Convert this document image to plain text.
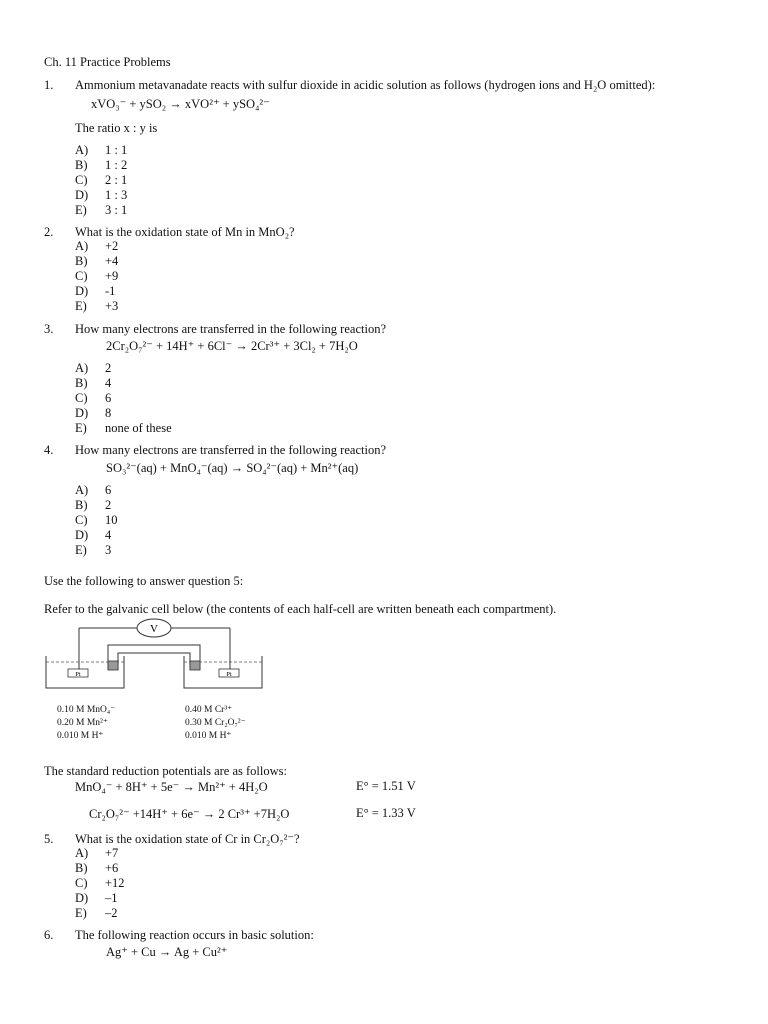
Ch. 11 Practice Problems
1. Ammonium metavanadate reacts with sulfur dioxide in acidic solution as follows (hydrogen ions and H₂O omitted):
xVO₃⁻ + ySO₂ → xVO²⁺ + ySO₄²⁻
The ratio x : y is
A) 1 : 1
B) 1 : 2
C) 2 : 1
D) 1 : 3
E) 3 : 1
2. What is the oxidation state of Mn in MnO₂?
A) +2
B) +4
C) +9
D) -1
E) +3
3. How many electrons are transferred in the following reaction?
2Cr₂O₇²⁻ + 14H⁺ + 6Cl⁻ → 2Cr³⁺ + 3Cl₂ + 7H₂O
A) 2
B) 4
C) 6
D) 8
E) none of these
4. How many electrons are transferred in the following reaction?
SO₃²⁻(aq) + MnO₄⁻(aq) → SO₄²⁻(aq) + Mn²⁺(aq)
A) 6
B) 2
C) 10
D) 4
E) 3
Use the following to answer question 5:
Refer to the galvanic cell below (the contents of each half-cell are written beneath each compartment).
V
Pt	Pt
0.10 M MnO₄⁻
0.20 M Mn²⁺
0.010 M H⁺
0.40 M Cr³⁺
0.30 M Cr₂O₇²⁻
0.010 M H⁺
The standard reduction potentials are as follows:
MnO₄⁻ + 8H⁺ + 5e⁻ → Mn²⁺ + 4H₂O	E° = 1.51 V
Cr₂O₇²⁻ +14H⁺ + 6e⁻ → 2 Cr³⁺ +7H₂O	E° = 1.33 V
5. What is the oxidation state of Cr in Cr₂O₇²⁻?
A) +7
B) +6
C) +12
D) –1
E) –2
6. The following reaction occurs in basic solution:
Ag⁺ + Cu → Ag + Cu²⁺
